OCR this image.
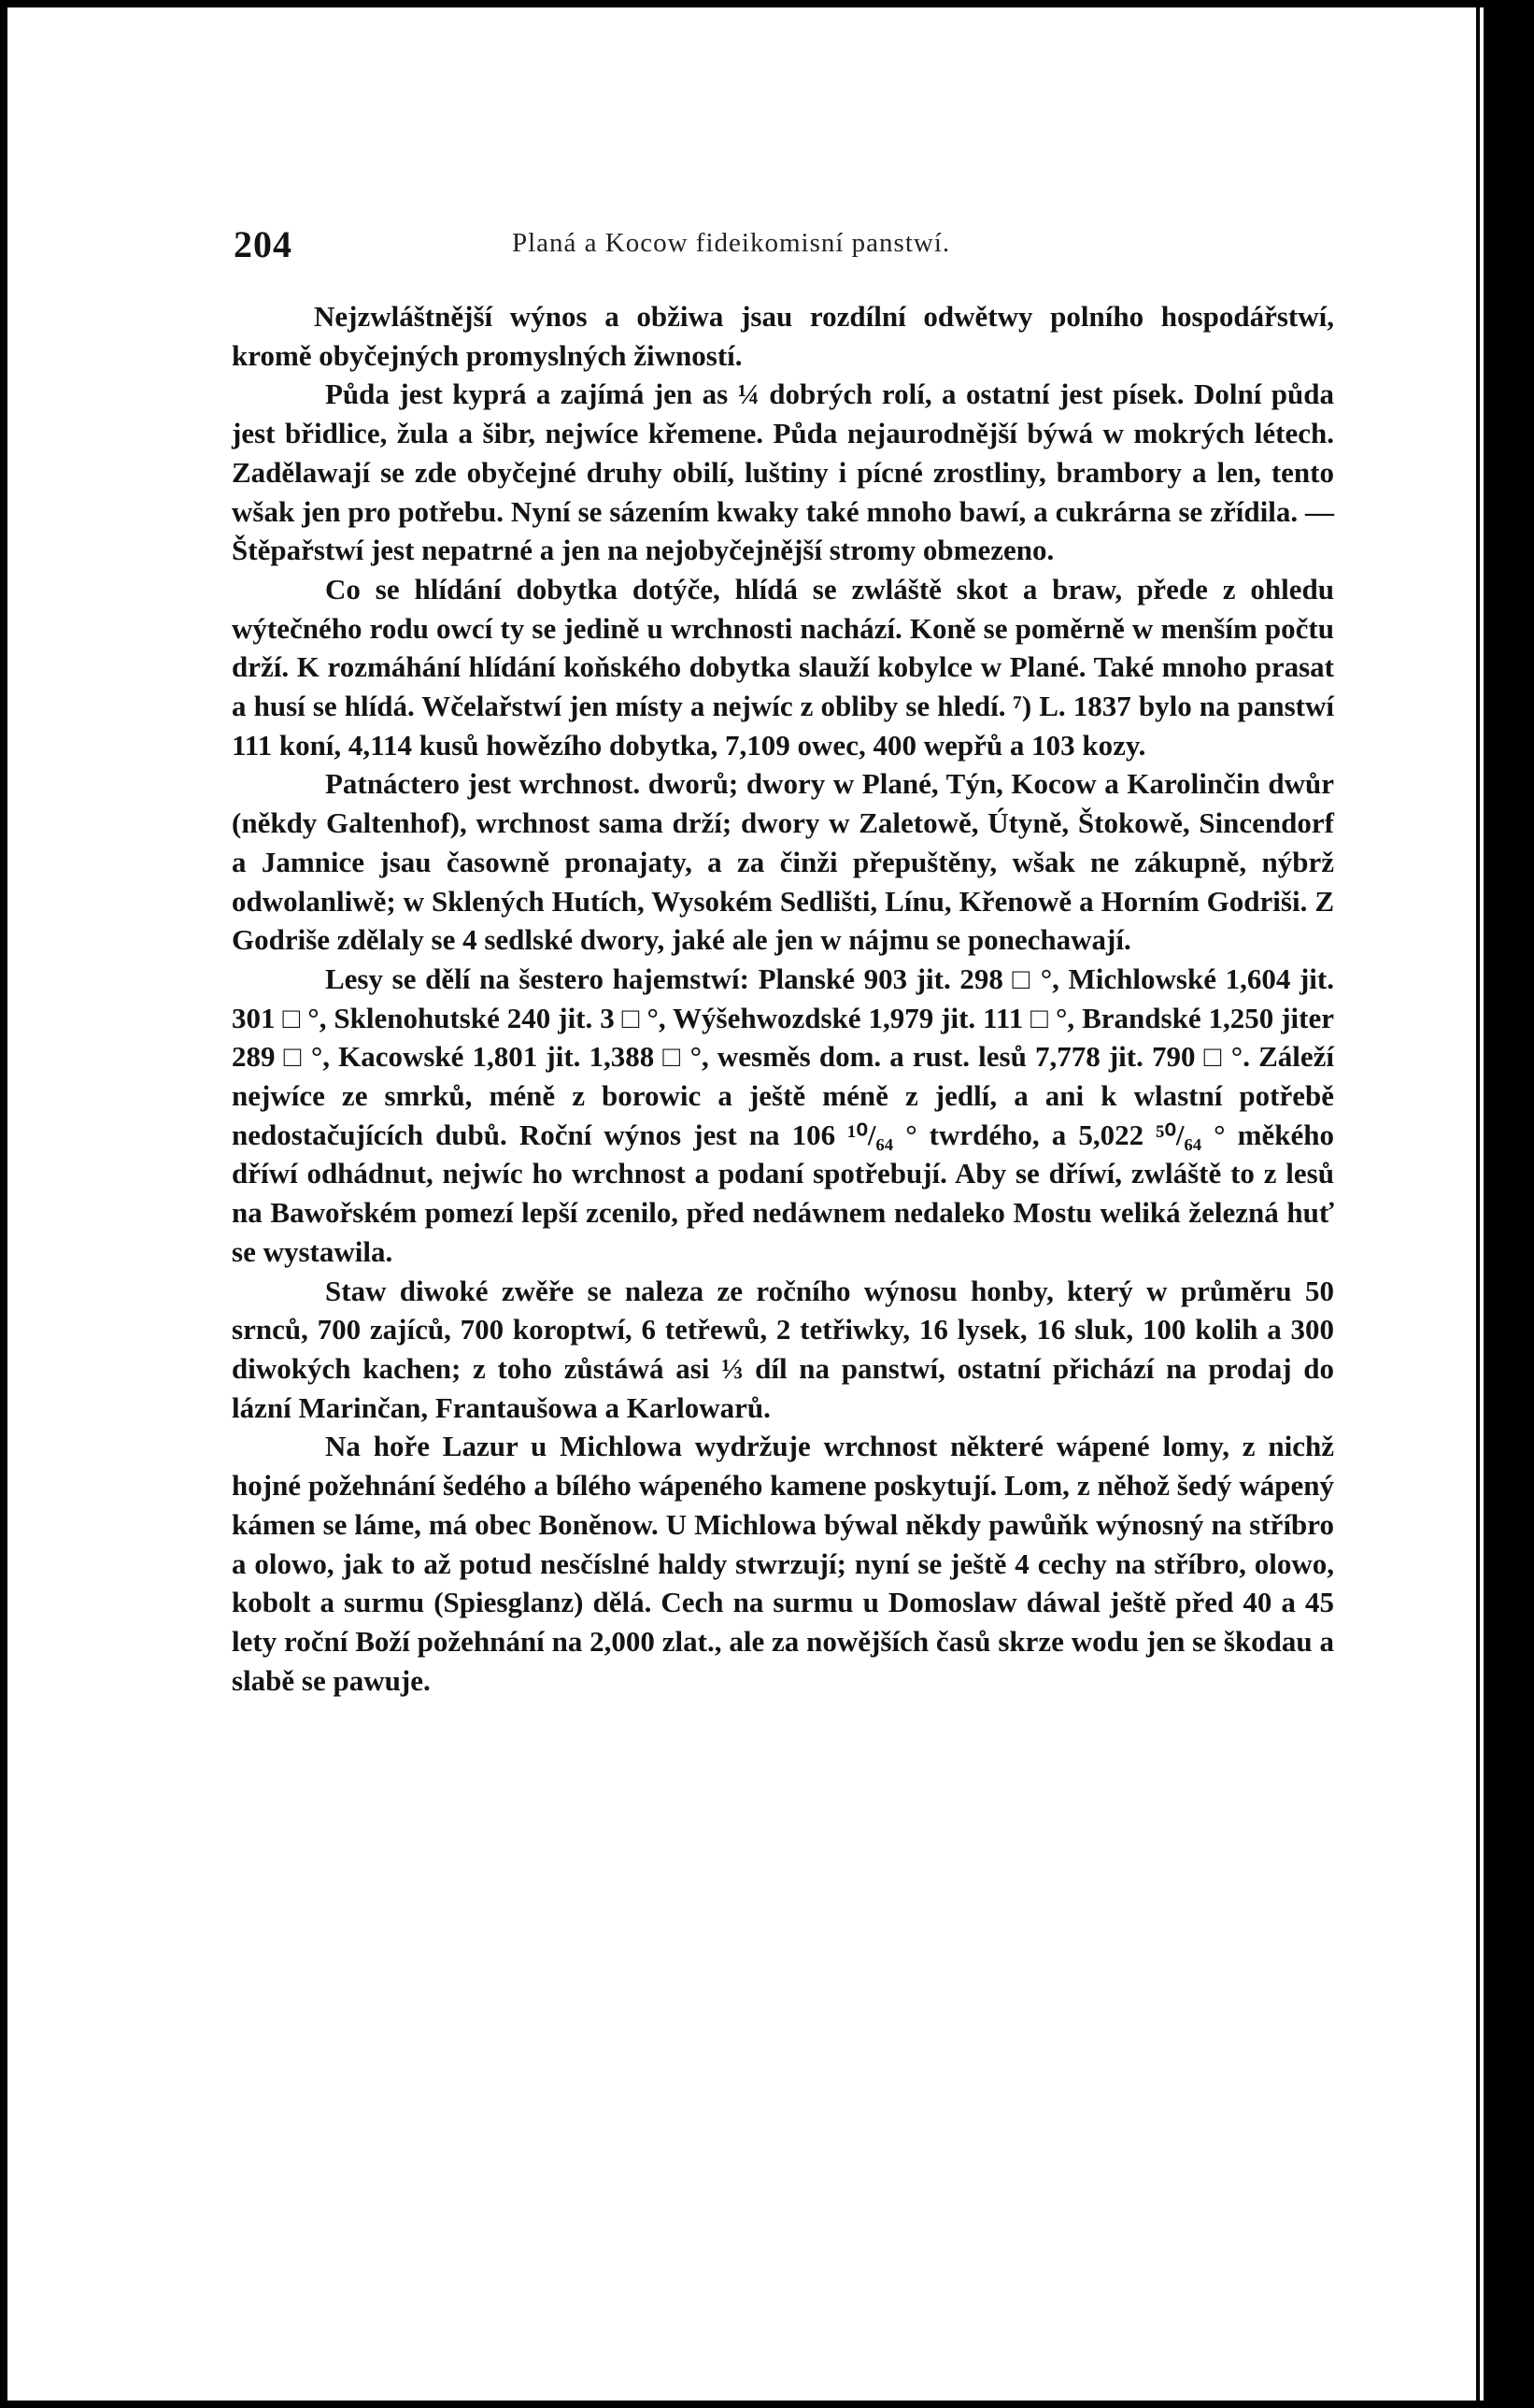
204	Planá a Kocow fideikomisní panstwí.

Nejzwláštnější wýnos a obžiwa jsau rozdílní odwětwy polního hospodářstwí, kromě obyčejných promyslných žiwností.

Půda jest kyprá a zajímá jen as ¼ dobrých rolí, a ostatní jest písek. Dolní půda jest břidlice, žula a šibr, nejwíce křemene. Půda nejaurodnější býwá w mokrých létech. Zadělawají se zde obyčejné druhy obilí, luštiny i pícné zrostliny, brambory a len, tento wšak jen pro potřebu. Nyní se sázením kwaky také mnoho bawí, a cukrárna se zřídila. — Štěpařstwí jest nepatrné a jen na nejobyčejnější stromy obmezeno.

Co se hlídání dobytka dotýče, hlídá se zwláště skot a braw, přede z ohledu wýtečného rodu owcí ty se jedině u wrchnosti nachází. Koně se poměrně w menším počtu drží. K rozmáhání hlídání koňského dobytka slauží kobylce w Plané. Také mnoho prasat a husí se hlídá. Wčelařstwí jen místy a nejwíc z obliby se hledí. ⁷) L. 1837 bylo na panstwí 111 koní, 4,114 kusů howězího dobytka, 7,109 owec, 400 wepřů a 103 kozy.

Patnáctero jest wrchnost. dworů; dwory w Plané, Týn, Kocow a Karolinčin dwůr (někdy Galtenhof), wrchnost sama drží; dwory w Zaletowě, Útyně, Štokowě, Sincendorf a Jamnice jsau časowně pronajaty, a za činži přepuštěny, wšak ne zákupně, nýbrž odwolanliwě; w Sklených Hutích, Wysokém Sedlišti, Línu, Křenowě a Horním Godriši. Z Godriše zdělaly se 4 sedlské dwory, jaké ale jen w nájmu se ponechawají.

Lesy se dělí na šestero hajemstwí: Planské 903 jit. 298 □ °, Michlowské 1,604 jit. 301 □ °, Sklenohutské 240 jit. 3 □ °, Wýšehwozdské 1,979 jit. 111 □ °, Brandské 1,250 jiter 289 □ °, Kacowské 1,801 jit. 1,388 □ °, wesměs dom. a rust. lesů 7,778 jit. 790 □ °. Záleží nejwíce ze smrků, méně z borowic a ještě méně z jedlí, a ani k wlastní potřebě nedostačujících dubů. Roční wýnos jest na 106 ¹⁰/₆₄ ° twrdého, a 5,022 ⁵⁰/₆₄ ° měkého dříwí odhádnut, nejwíc ho wrchnost a podaní spotřebují. Aby se dříwí, zwláště to z lesů na Bawořském pomezí lepší zcenilo, před nedáwnem nedaleko Mostu weliká železná huť se wystawila.

Staw diwoké zwěře se naleza ze ročního wýnosu honby, který w průměru 50 srnců, 700 zajíců, 700 koroptwí, 6 tetřewů, 2 tetřiwky, 16 lysek, 16 sluk, 100 kolih a 300 diwokých kachen; z toho zůstáwá asi ⅓ díl na panstwí, ostatní přichází na prodaj do lázní Marinčan, Frantaušowa a Karlowarů.

Na hoře Lazur u Michlowa wydržuje wrchnost některé wápené lomy, z nichž hojné požehnání šedého a bílého wápeného kamene poskytují. Lom, z něhož šedý wápený kámen se láme, má obec Boněnow. U Michlowa býwal někdy pawůňk wýnosný na stříbro a olowo, jak to až potud nesčíslné haldy stwrzují; nyní se ještě 4 cechy na stříbro, olowo, kobolt a surmu (Spiesglanz) dělá. Cech na surmu u Domoslaw dáwal ještě před 40 a 45 lety roční Boží požehnání na 2,000 zlat., ale za nowějších časů skrze wodu jen se škodau a slabě se pawuje.
